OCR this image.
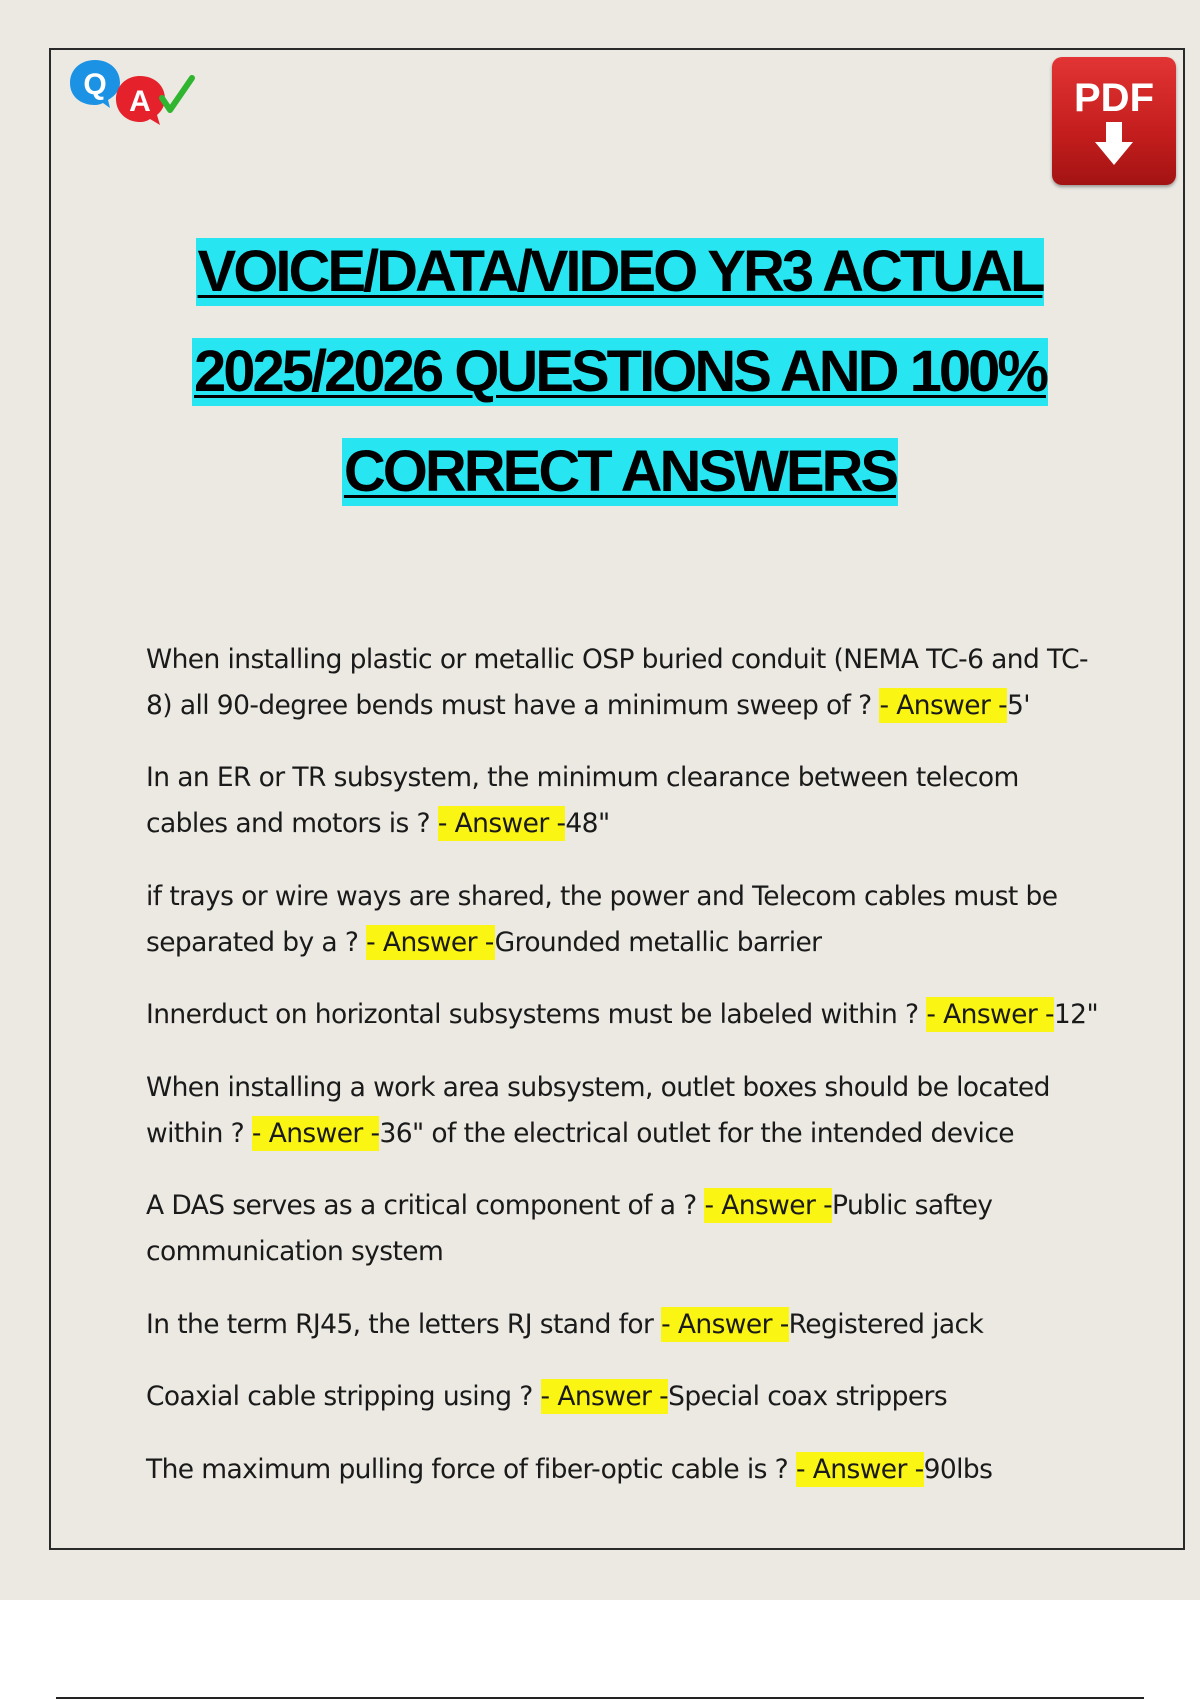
Q
A	PDF
VOICE/DATA/VIDEO YR3 ACTUAL
2025/2026 QUESTIONS AND 100%
CORRECT ANSWERS

When installing plastic or metallic OSP buried conduit (NEMA TC-6 and TC-8) all 90-degree bends must have a minimum sweep of ? - Answer -5'

In an ER or TR subsystem, the minimum clearance between telecom cables and motors is ? - Answer -48"

if trays or wire ways are shared, the power and Telecom cables must be separated by a ? - Answer -Grounded metallic barrier

Innerduct on horizontal subsystems must be labeled within ? - Answer -12"

When installing a work area subsystem, outlet boxes should be located within ? - Answer -36" of the electrical outlet for the intended device

A DAS serves as a critical component of a ? - Answer -Public saftey communication system

In the term RJ45, the letters RJ stand for - Answer -Registered jack

Coaxial cable stripping using ? - Answer -Special coax strippers

The maximum pulling force of fiber-optic cable is ? - Answer -90lbs
